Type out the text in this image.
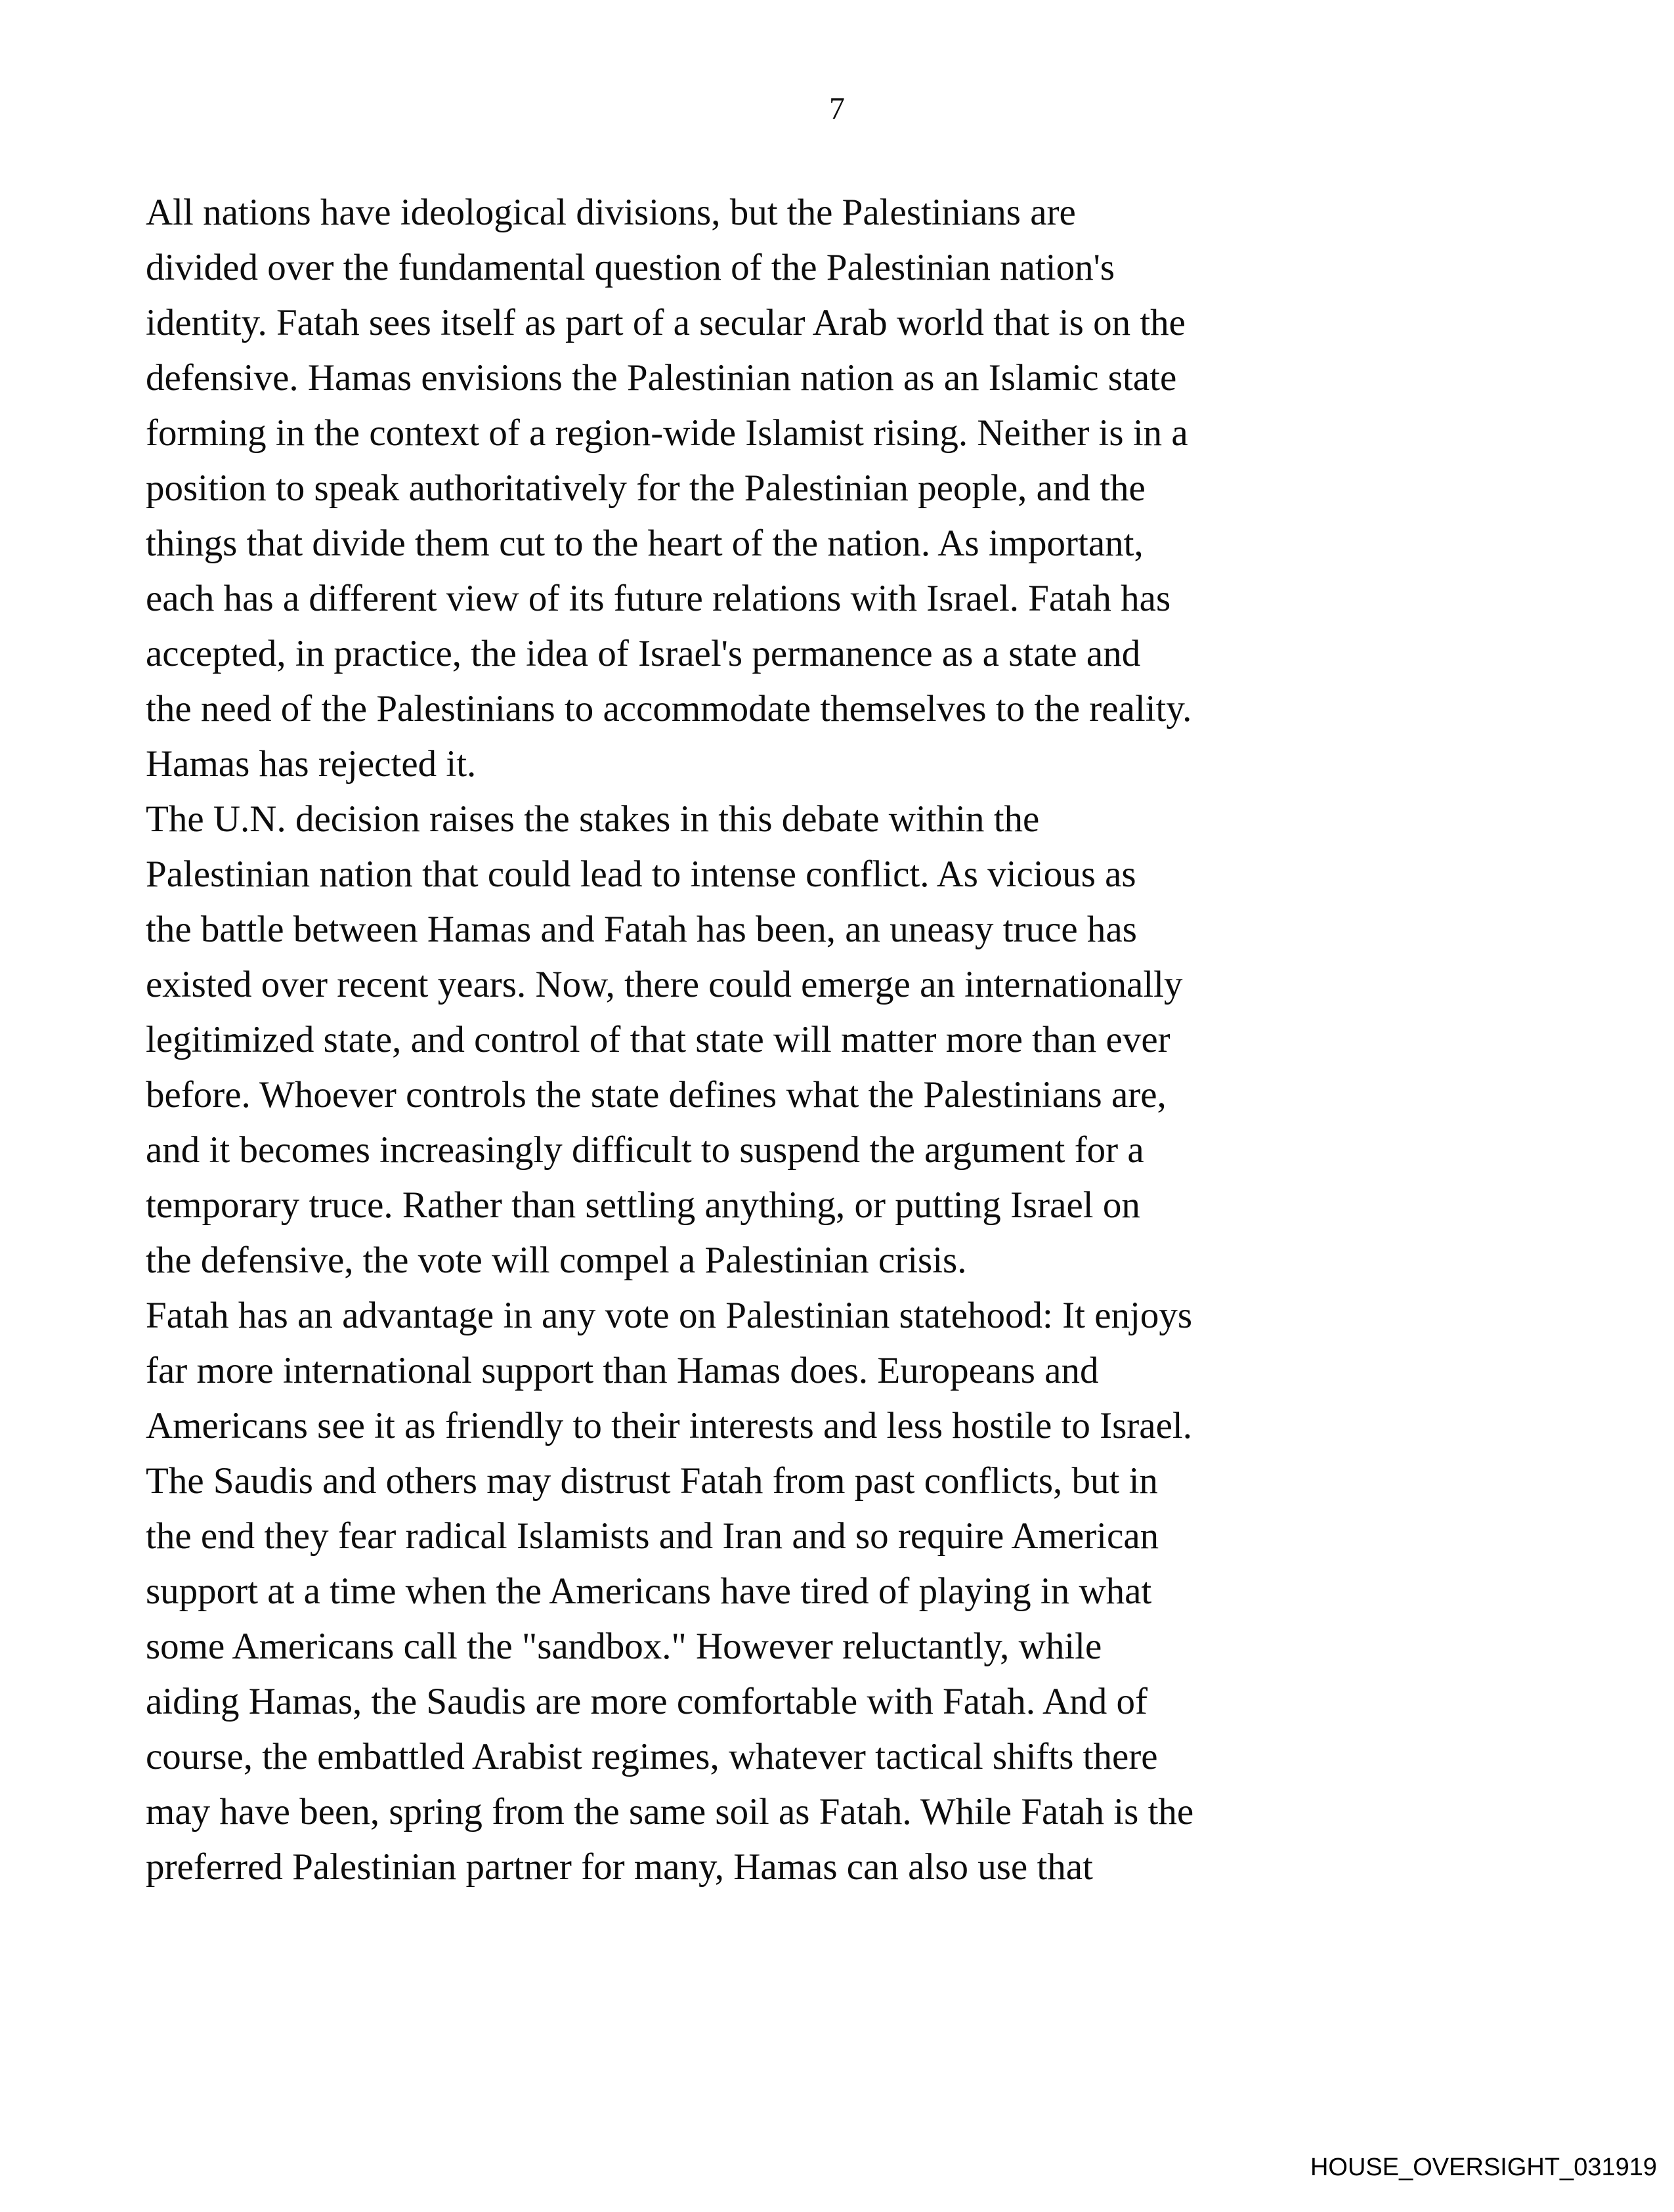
7
All nations have ideological divisions, but the Palestinians are
divided over the fundamental question of the Palestinian nation's
identity. Fatah sees itself as part of a secular Arab world that is on the
defensive. Hamas envisions the Palestinian nation as an Islamic state
forming in the context of a region-wide Islamist rising. Neither is in a
position to speak authoritatively for the Palestinian people, and the
things that divide them cut to the heart of the nation. As important,
each has a different view of its future relations with Israel. Fatah has
accepted, in practice, the idea of Israel's permanence as a state and
the need of the Palestinians to accommodate themselves to the reality.
Hamas has rejected it.
The U.N. decision raises the stakes in this debate within the
Palestinian nation that could lead to intense conflict. As vicious as
the battle between Hamas and Fatah has been, an uneasy truce has
existed over recent years. Now, there could emerge an internationally
legitimized state, and control of that state will matter more than ever
before. Whoever controls the state defines what the Palestinians are,
and it becomes increasingly difficult to suspend the argument for a
temporary truce. Rather than settling anything, or putting Israel on
the defensive, the vote will compel a Palestinian crisis.
Fatah has an advantage in any vote on Palestinian statehood: It enjoys
far more international support than Hamas does. Europeans and
Americans see it as friendly to their interests and less hostile to Israel.
The Saudis and others may distrust Fatah from past conflicts, but in
the end they fear radical Islamists and Iran and so require American
support at a time when the Americans have tired of playing in what
some Americans call the "sandbox." However reluctantly, while
aiding Hamas, the Saudis are more comfortable with Fatah. And of
course, the embattled Arabist regimes, whatever tactical shifts there
may have been, spring from the same soil as Fatah. While Fatah is the
preferred Palestinian partner for many, Hamas can also use that
HOUSE_OVERSIGHT_031919
